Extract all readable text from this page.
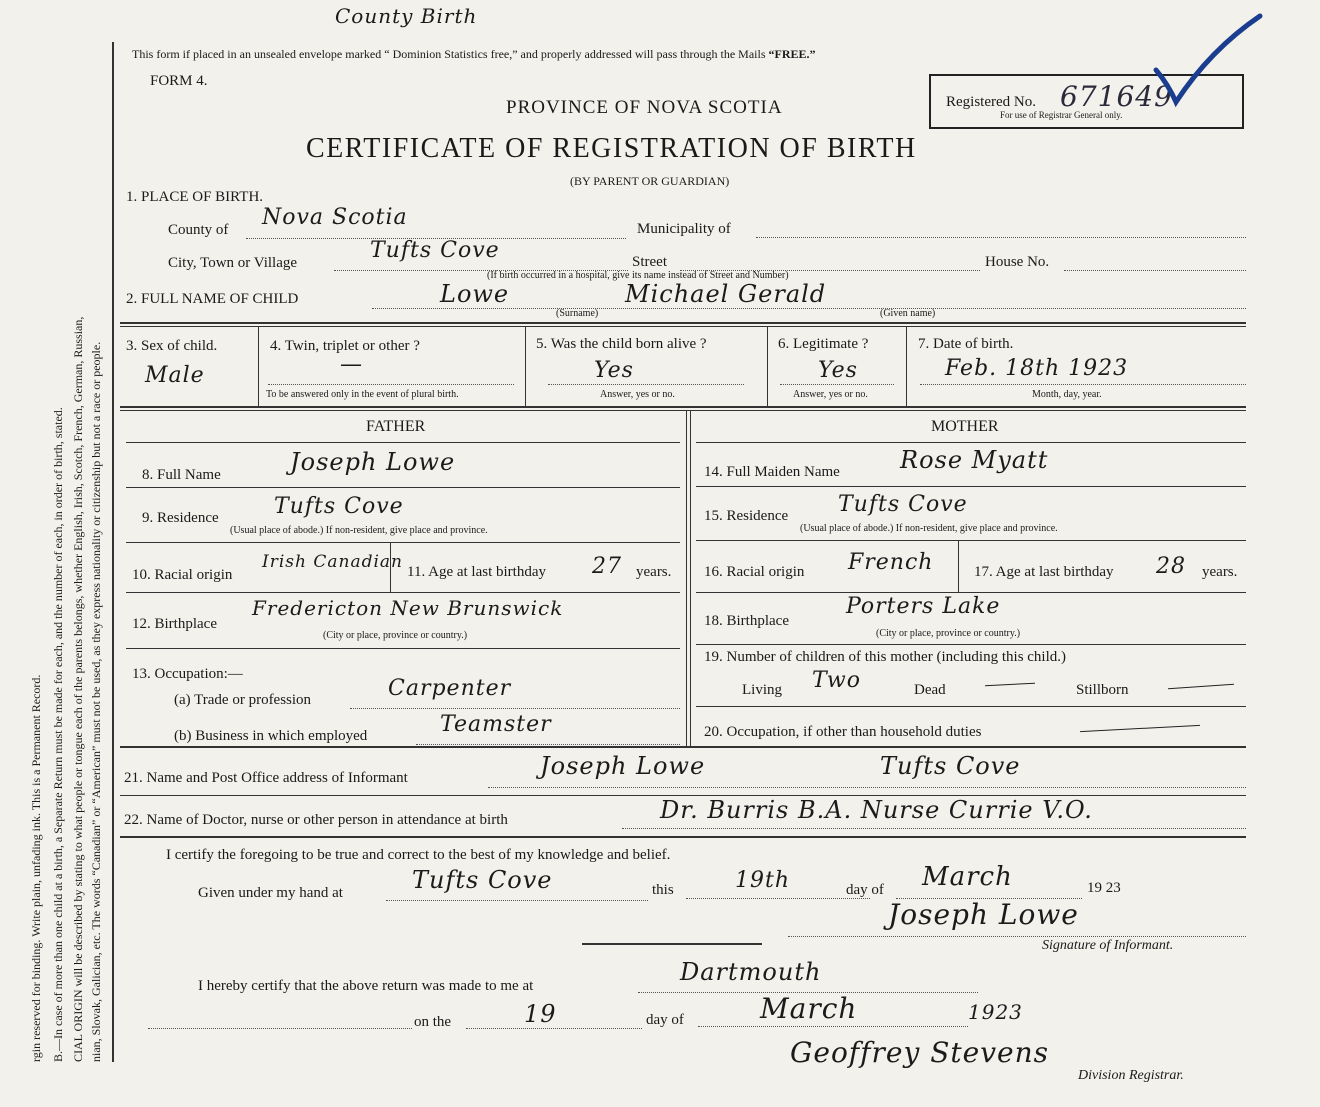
rgin reserved for binding. Write plain, unfading ink. This is a Permanent Record. B.—In case of more than one child at a birth, a Separate Return must be made for each, and the number of each, in order of birth, stated. CIAL ORIGIN will be described by stating to what people or tongue each of the parents belongs, whether English, Irish, Scotch, French, German, Russian, nian, Slovak, Galician, etc. The words “Canadian” or “American” must not be used, as they express nationality or citizenship but not a race or people.
County Birth
This form if placed in an unsealed envelope marked “ Dominion Statistics free,” and properly addressed will pass through the Mails “FREE.”
FORM 4.
PROVINCE OF NOVA SCOTIA
CERTIFICATE OF REGISTRATION OF BIRTH
(BY PARENT OR GUARDIAN)
Registered No. 671649
For use of Registrar General only.
1. PLACE OF BIRTH.
County of Nova Scotia	Municipality of
City, Town or Village	Tufts Cove	Street	House No.
(If birth occurred in a hospital, give its name instead of Street and Number)
2. FULL NAME OF CHILD	Lowe	Michael Gerald
(Surname)	(Given name)
3. Sex of child.
Male
4. Twin, triplet or other ?
—
To be answered only in the event of plural birth.
5. Was the child born alive ?
Yes
Answer, yes or no.
6. Legitimate ?
Yes
Answer, yes or no.
7. Date of birth.
Feb. 18th 1923
Month, day, year.
FATHER	MOTHER
8. Full Name	Joseph Lowe
9. Residence	Tufts Cove
(Usual place of abode.) If non-resident, give place and province.
10. Racial origin
Irish Canadian 11. Age at last birthday 27 years.
12. Birthplace
Fredericton New Brunswick
(City or place, province or country.)
13. Occupation:—
(a) Trade or profession	Carpenter
(b) Business in which employed	Teamster
14. Full Maiden Name	Rose Myatt
15. Residence Tufts Cove
(Usual place of abode.) If non-resident, give place and province.
16. Racial origin French	17. Age at last birthday 28 years.
18. Birthplace
Porters Lake
(City or place, province or country.)
19. Number of children of this mother (including this child.)
Living Two	Dead	Stillborn
20. Occupation, if other than household duties
21. Name and Post Office address of Informant	Joseph Lowe	Tufts Cove
22. Name of Doctor, nurse or other person in attendance at birth	Dr. Burris B.A. Nurse Currie V.O.
I certify the foregoing to be true and correct to the best of my knowledge and belief.
Given under my hand at	Tufts Cove	this	19th	day of March	19 23
Joseph Lowe
Signature of Informant.
I hereby certify that the above return was made to me at	Dartmouth
on the	19	day of	March	1923
Geoffrey Stevens
Division Registrar.
